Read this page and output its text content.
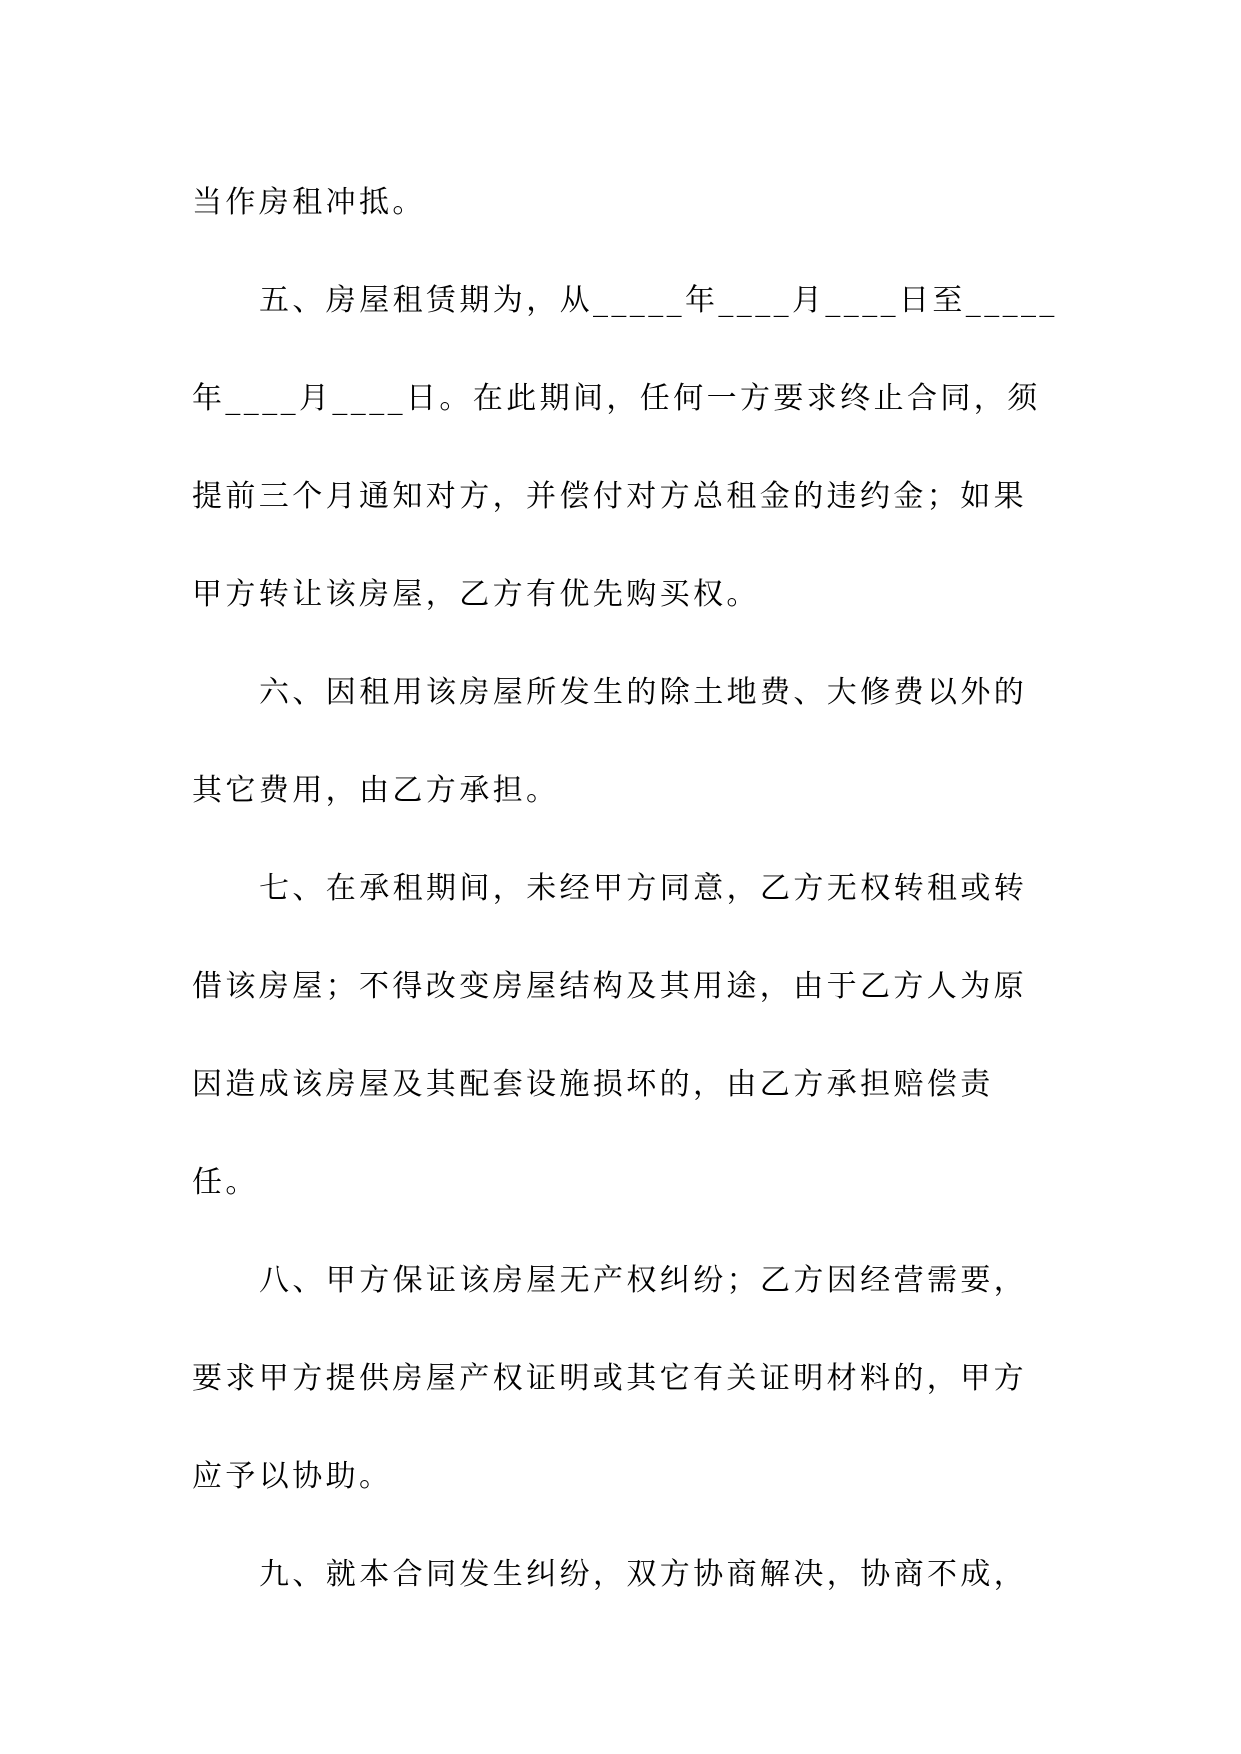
当作房租冲抵。
五、房屋租赁期为，从_____年____月____日至_____
年____月____日。在此期间，任何一方要求终止合同，须
提前三个月通知对方，并偿付对方总租金的违约金；如果
甲方转让该房屋，乙方有优先购买权。
六、因租用该房屋所发生的除土地费、大修费以外的
其它费用，由乙方承担。
七、在承租期间，未经甲方同意，乙方无权转租或转
借该房屋；不得改变房屋结构及其用途，由于乙方人为原
因造成该房屋及其配套设施损坏的，由乙方承担赔偿责
任。
八、甲方保证该房屋无产权纠纷；乙方因经营需要，
要求甲方提供房屋产权证明或其它有关证明材料的，甲方
应予以协助。
九、就本合同发生纠纷，双方协商解决，协商不成，
